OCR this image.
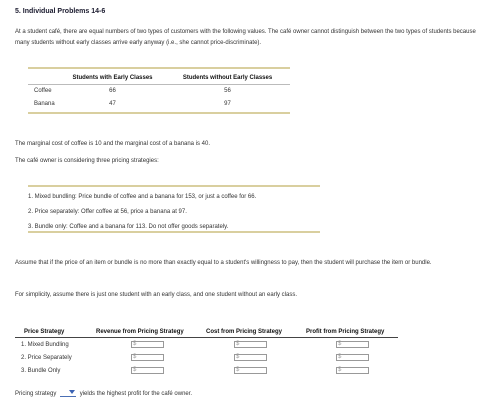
5. Individual Problems 14-6
At a student café, there are equal numbers of two types of customers with the following values. The café owner cannot distinguish between the two types of students because many students without early classes arrive early anyway (i.e., she cannot price-discriminate).
	Students with Early Classes	Students without Early Classes
Coffee	66	56
Banana	47	97
The marginal cost of coffee is 10 and the marginal cost of a banana is 40.
The café owner is considering three pricing strategies:
1. Mixed bundling: Price bundle of coffee and a banana for 153, or just a coffee for 66.
2. Price separately: Offer coffee at 56, price a banana at 97.
3. Bundle only: Coffee and a banana for 113. Do not offer goods separately.
Assume that if the price of an item or bundle is no more than exactly equal to a student's willingness to pay, then the student will purchase the item or bundle.
For simplicity, assume there is just one student with an early class, and one student without an early class.
Price Strategy	Revenue from Pricing Strategy	Cost from Pricing Strategy	Profit from Pricing Strategy
1. Mixed Bundling	$	$	$

2. Price Separately	$	$	$

3. Bundle Only	$	$	$
Pricing strategy	yields the highest profit for the café owner.
